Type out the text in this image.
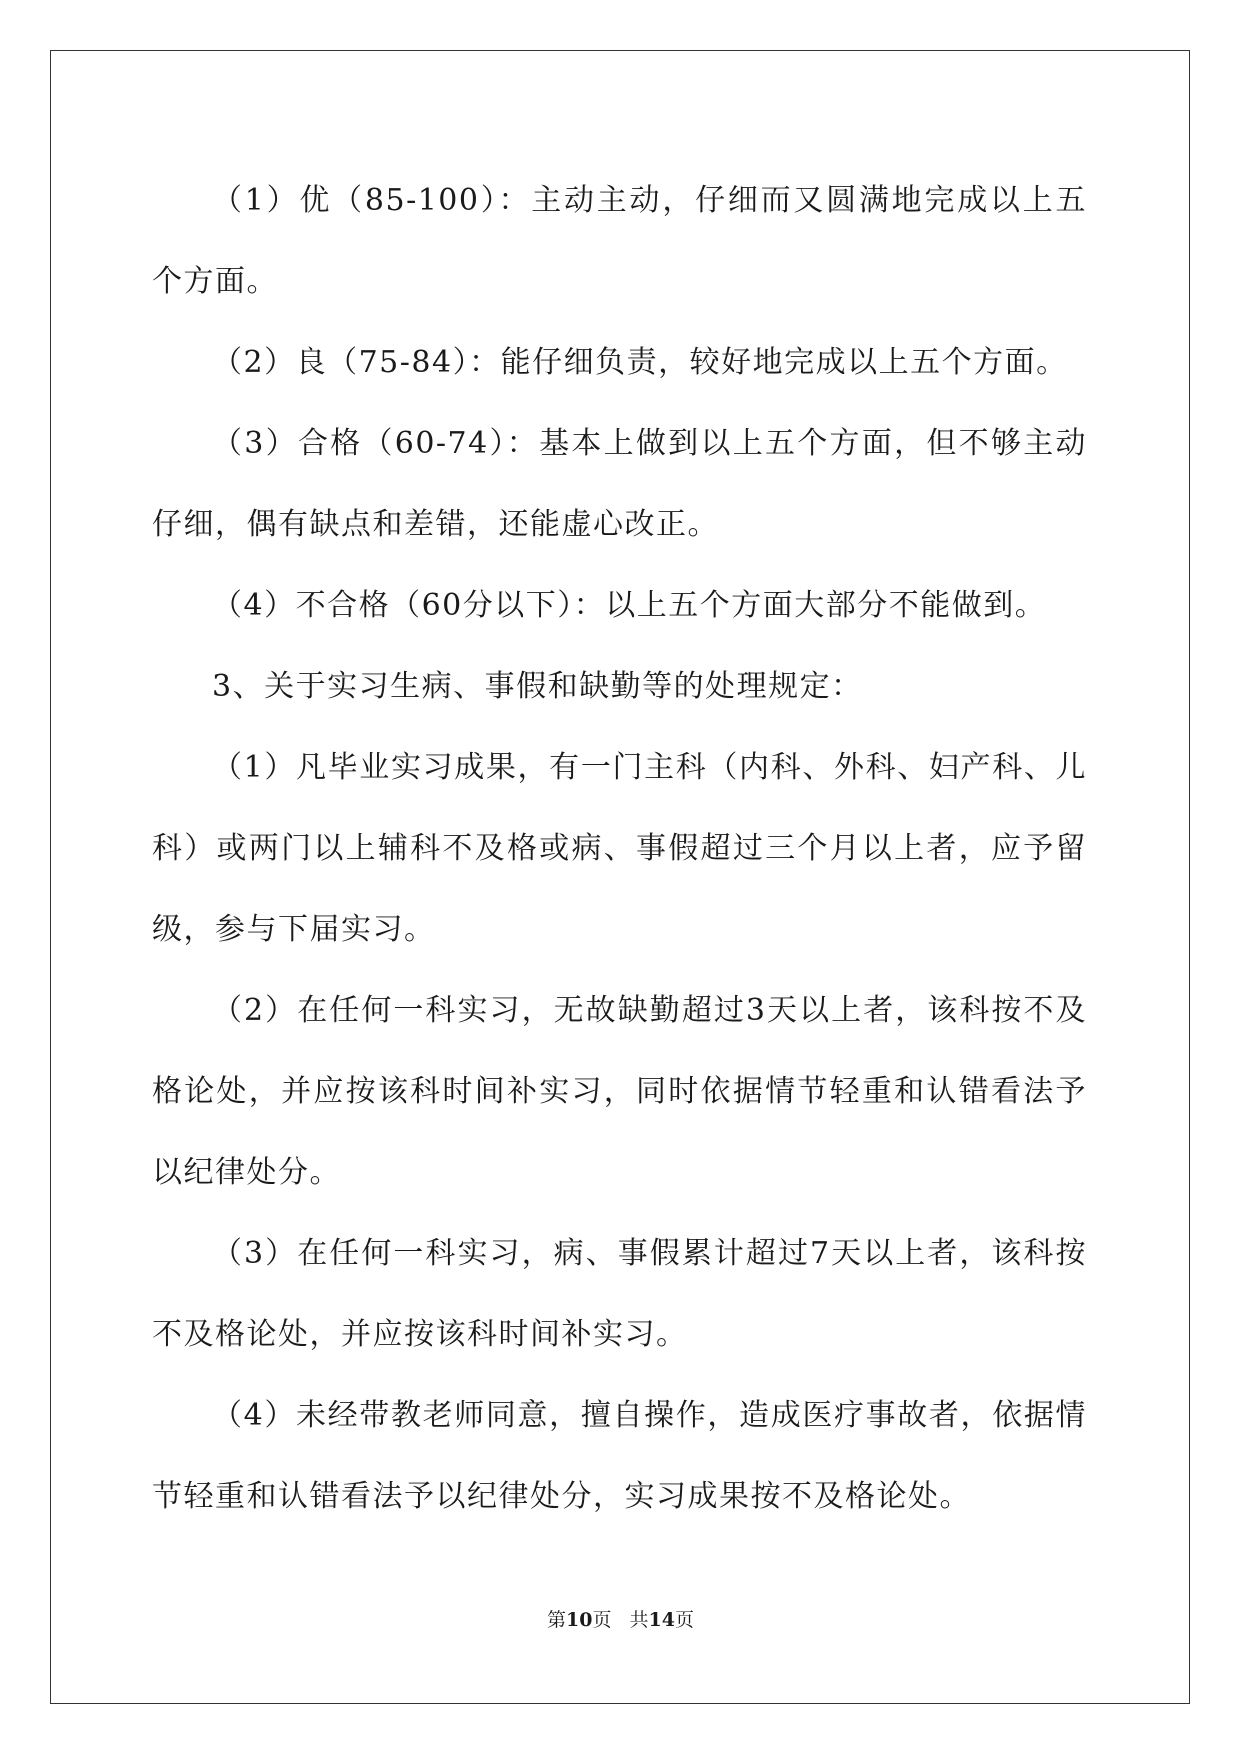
（1）优（85-100）：主动主动，仔细而又圆满地完成以上五个方面。

（2）良（75-84）：能仔细负责，较好地完成以上五个方面。

（3）合格（60-74）：基本上做到以上五个方面，但不够主动仔细，偶有缺点和差错，还能虚心改正。

（4）不合格（60分以下）：以上五个方面大部分不能做到。

3、关于实习生病、事假和缺勤等的处理规定：

（1）凡毕业实习成果，有一门主科（内科、外科、妇产科、儿科）或两门以上辅科不及格或病、事假超过三个月以上者，应予留级，参与下届实习。

（2）在任何一科实习，无故缺勤超过3天以上者，该科按不及格论处，并应按该科时间补实习，同时依据情节轻重和认错看法予以纪律处分。

（3）在任何一科实习，病、事假累计超过7天以上者，该科按不及格论处，并应按该科时间补实习。

（4）未经带教老师同意，擅自操作，造成医疗事故者，依据情节轻重和认错看法予以纪律处分，实习成果按不及格论处。

第10页 共14页
